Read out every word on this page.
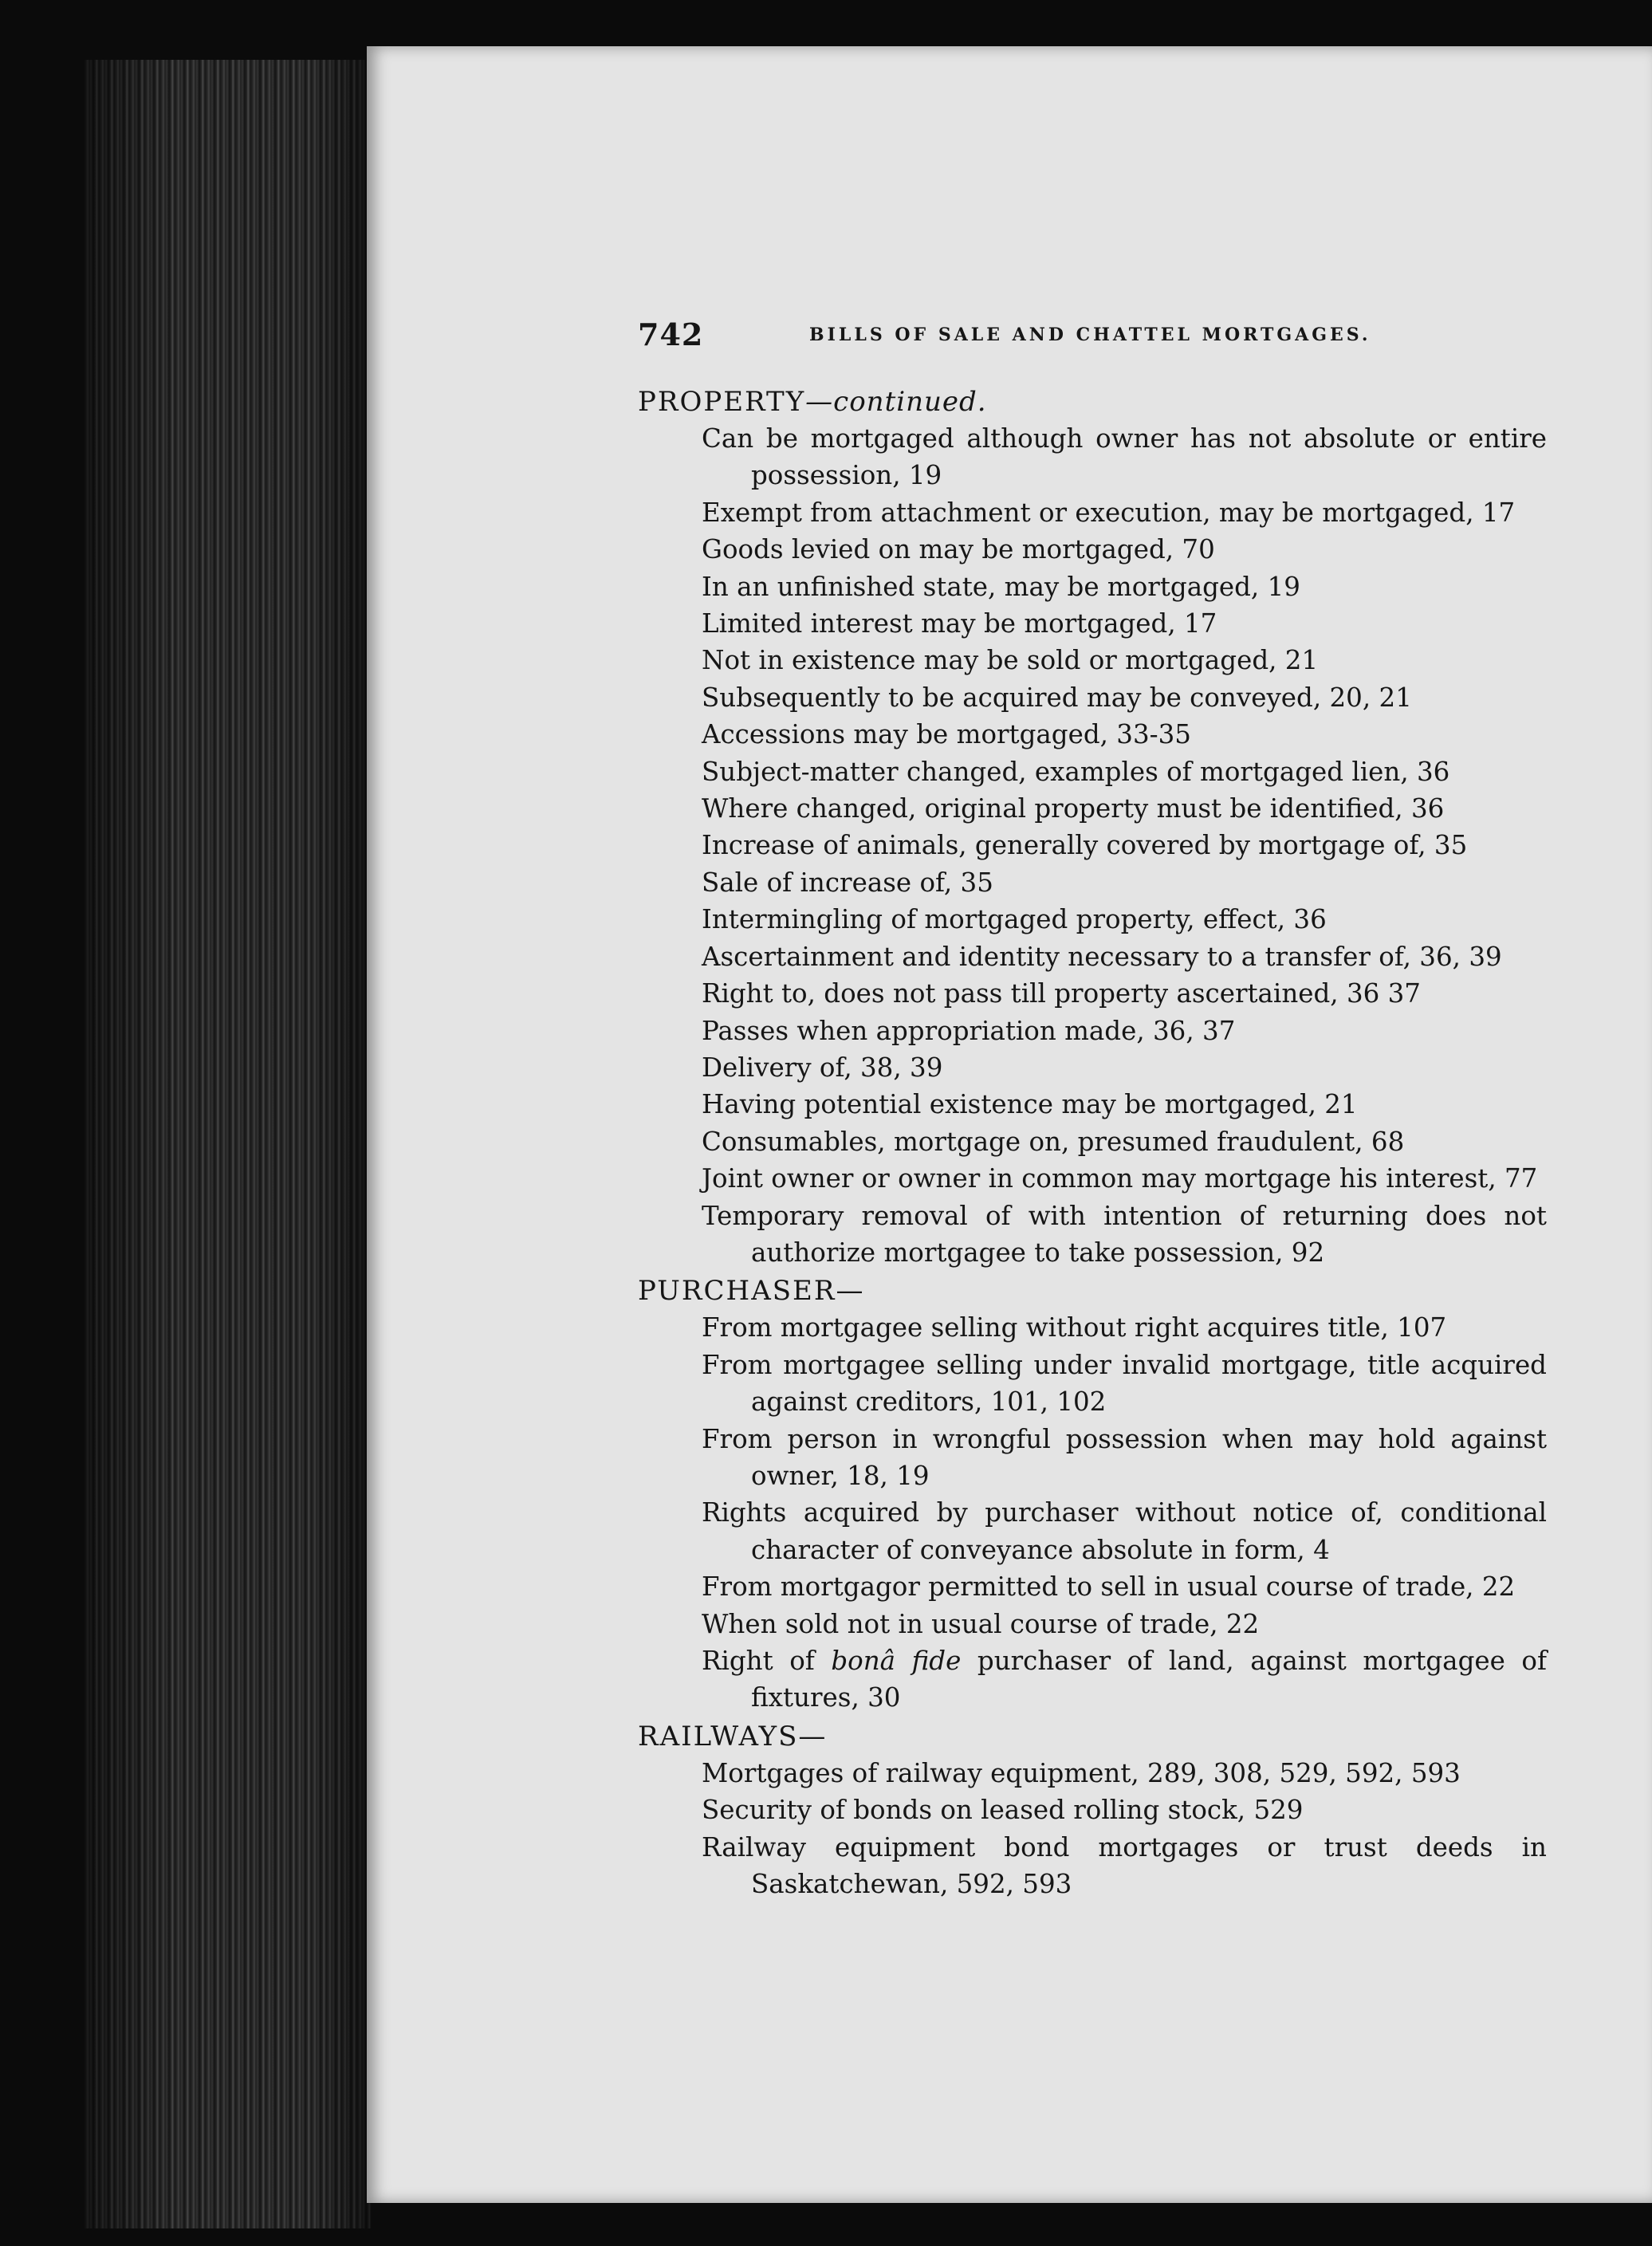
742	BILLS OF SALE AND CHATTEL MORTGAGES.

PROPERTY—continued.

Can be mortgaged although owner has not absolute or entire possession, 19

Exempt from attachment or execution, may be mortgaged, 17

Goods levied on may be mortgaged, 70

In an unfinished state, may be mortgaged, 19

Limited interest may be mortgaged, 17

Not in existence may be sold or mortgaged, 21

Subsequently to be acquired may be conveyed, 20, 21

Accessions may be mortgaged, 33-35

Subject-matter changed, examples of mortgaged lien, 36

Where changed, original property must be identified, 36

Increase of animals, generally covered by mortgage of, 35

Sale of increase of, 35

Intermingling of mortgaged property, effect, 36

Ascertainment and identity necessary to a transfer of, 36, 39

Right to, does not pass till property ascertained, 36 37

Passes when appropriation made, 36, 37

Delivery of, 38, 39

Having potential existence may be mortgaged, 21

Consumables, mortgage on, presumed fraudulent, 68

Joint owner or owner in common may mortgage his interest, 77

Temporary removal of with intention of returning does not authorize mortgagee to take possession, 92

PURCHASER—

From mortgagee selling without right acquires title, 107

From mortgagee selling under invalid mortgage, title acquired against creditors, 101, 102

From person in wrongful possession when may hold against owner, 18, 19

Rights acquired by purchaser without notice of, conditional character of conveyance absolute in form, 4

From mortgagor permitted to sell in usual course of trade, 22

When sold not in usual course of trade, 22

Right of bonâ fide purchaser of land, against mortgagee of fixtures, 30

RAILWAYS—

Mortgages of railway equipment, 289, 308, 529, 592, 593

Security of bonds on leased rolling stock, 529

Railway equipment bond mortgages or trust deeds in Saskatchewan, 592, 593
